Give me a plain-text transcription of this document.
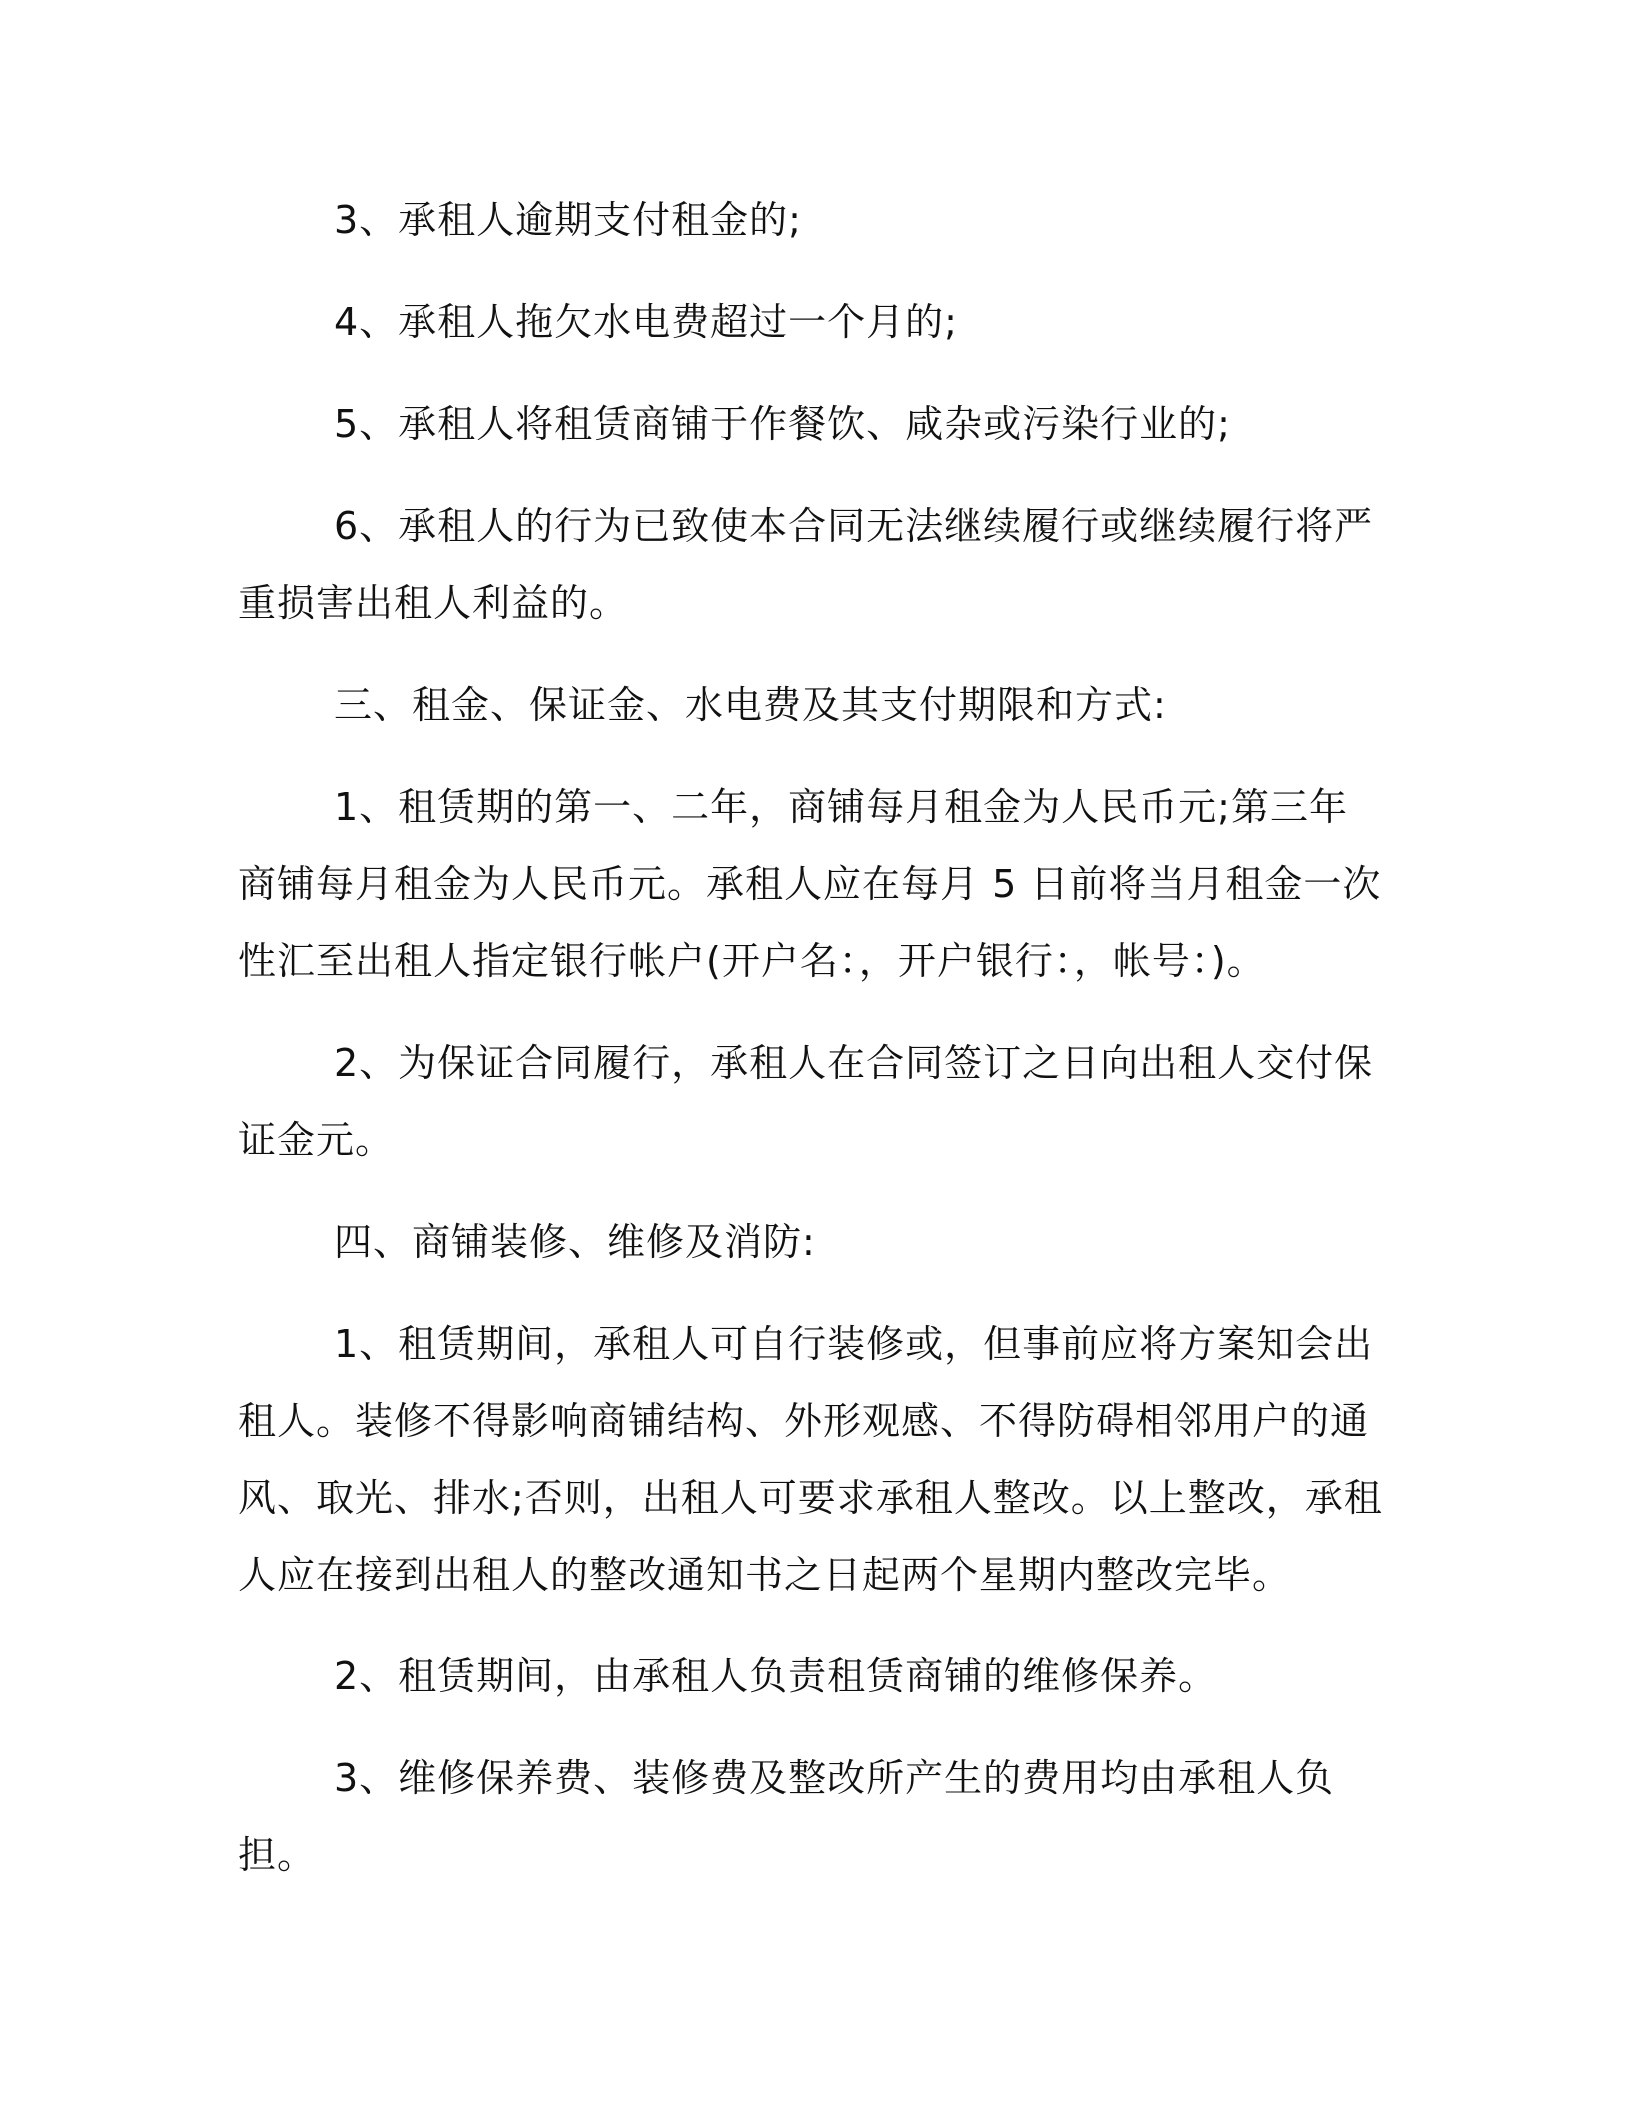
3、承租人逾期支付租金的;

4、承租人拖欠水电费超过一个月的;

5、承租人将租赁商铺于作餐饮、咸杂或污染行业的;

6、承租人的行为已致使本合同无法继续履行或继续履行将严重损害出租人利益的。

三、租金、保证金、水电费及其支付期限和方式:

1、租赁期的第一、二年，商铺每月租金为人民币元;第三年商铺每月租金为人民币元。承租人应在每月 5 日前将当月租金一次性汇至出租人指定银行帐户(开户名：，开户银行：，帐号：)。

2、为保证合同履行，承租人在合同签订之日向出租人交付保证金元。

四、商铺装修、维修及消防:

1、租赁期间，承租人可自行装修或，但事前应将方案知会出租人。装修不得影响商铺结构、外形观感、不得防碍相邻用户的通风、取光、排水;否则，出租人可要求承租人整改。以上整改，承租人应在接到出租人的整改通知书之日起两个星期内整改完毕。

2、租赁期间，由承租人负责租赁商铺的维修保养。

3、维修保养费、装修费及整改所产生的费用均由承租人负担。
